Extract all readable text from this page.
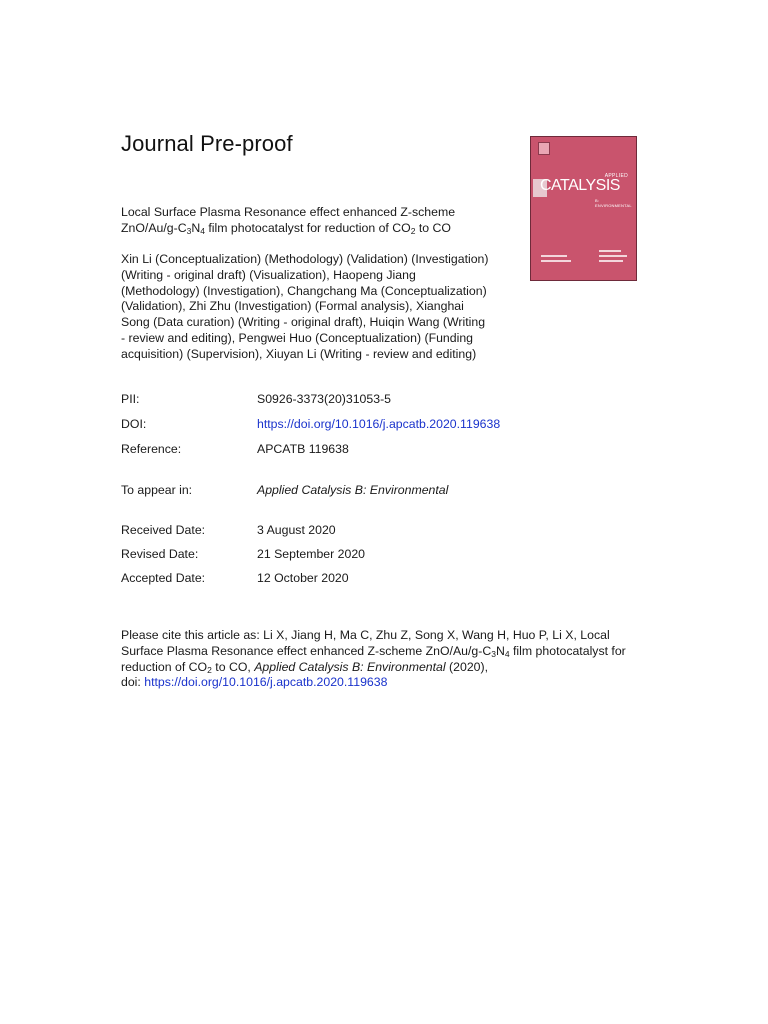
Journal Pre-proof
Local Surface Plasma Resonance effect enhanced Z-scheme
ZnO/$Au/g-C_3N_4$ film photocatalyst for reduction of $CO_2$ to CO
Xin Li (Conceptualization) (Methodology) (Validation) (Investigation)
(Writing - original draft) (Visualization), Haopeng Jiang
(Methodology) (Investigation), Changchang Ma (Conceptualization)
(Validation), Zhi Zhu (Investigation) (Formal analysis), Xianghai
Song (Data curation) (Writing - original draft), Huiqin Wang (Writing
- review and editing), Pengwei Huo (Conceptualization) (Funding
acquisition) (Supervision), Xiuyan Li (Writing - review and editing)
PII:	S0926-3373(20)31053-5
DOI:	https://doi.org/10.1016/j.apcatb.2020.119638
Reference:	APCATB 119638
To appear in:	Applied Catalysis B: Environmental
Received Date:	3 August 2020
Revised Date:	21 September 2020
Accepted Date:	12 October 2020
Please cite this article as: Li X, Jiang H, Ma C, Zhu Z, Song X, Wang H, Huo P, Li X, Local
Surface Plasma Resonance effect enhanced Z-scheme ZnO/$Au/g-C_3N_4$ film photocatalyst for
reduction of $CO_2$ to CO, Applied Catalysis B: Environmental (2020),
doi: https://doi.org/10.1016/j.apcatb.2020.119638
APPLIED
CATALYSIS
B: ENVIRONMENTAL
